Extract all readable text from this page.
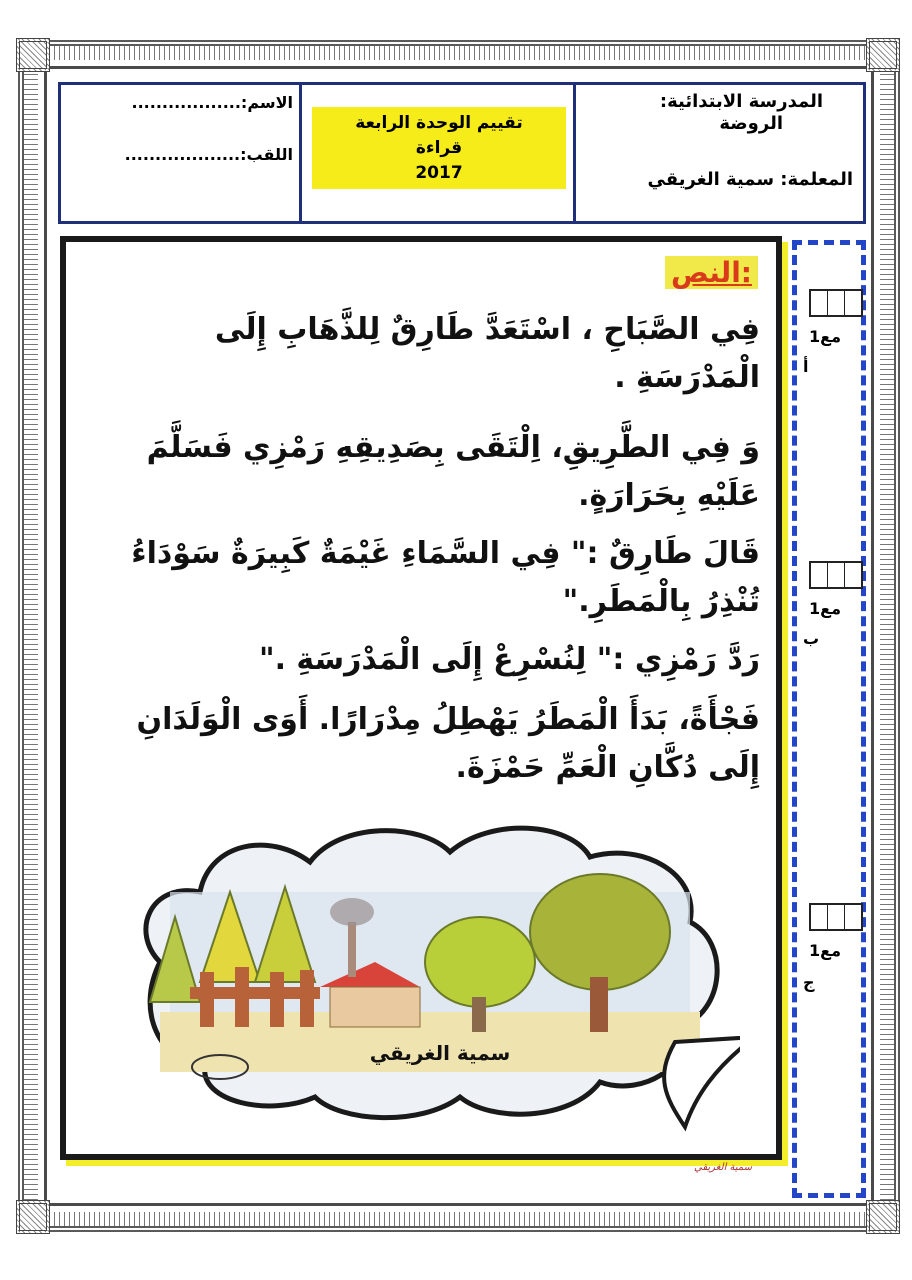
المدرسة الابتدائية:
الروضة
المعلمة: سمية الغريقي
تقييم الوحدة الرابعة
قراءة
2017
الاسم:..................
اللقب:...................
النص:
فِي الصَّبَاحِ ، اسْتَعَدَّ طَارِقٌ لِلذَّهَابِ إِلَى الْمَدْرَسَةِ .
وَ فِي الطَّرِيقِ، اِلْتَقَى بِصَدِيقِهِ رَمْزِي فَسَلَّمَ عَلَيْهِ بِحَرَارَةٍ.
قَالَ طَارِقٌ :" فِي السَّمَاءِ غَيْمَةٌ كَبِيرَةٌ سَوْدَاءُ تُنْذِرُ بِالْمَطَرِ."
رَدَّ رَمْزِي :" لِنُسْرِعْ إِلَى الْمَدْرَسَةِ ."
فَجْأَةً، بَدَأَ الْمَطَرُ يَهْطِلُ مِدْرَارًا. أَوَى الْوَلَدَانِ إِلَى دُكَّانِ الْعَمِّ حَمْزَةَ.
سمية الغريقي
مع1
أ
مع1
ب
مع1
ج
سمية الغريقي
